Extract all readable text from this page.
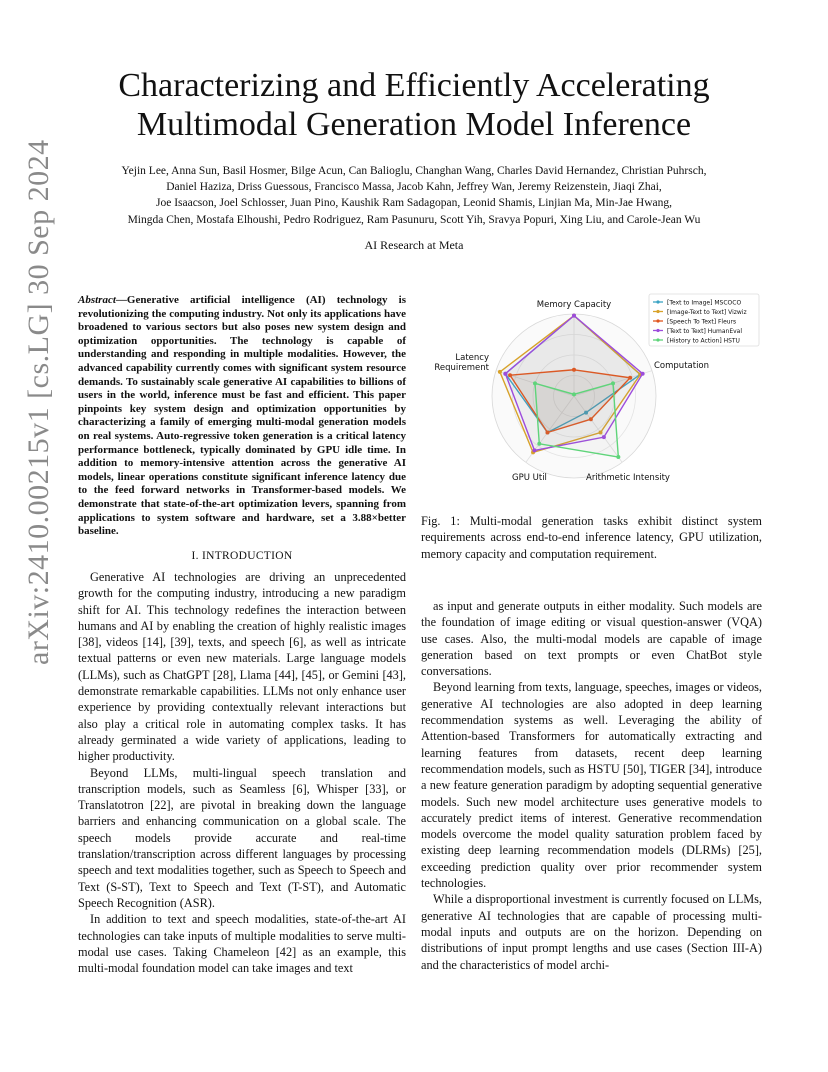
arXiv:2410.00215v1 [cs.LG] 30 Sep 2024
Characterizing and Efficiently Accelerating
Multimodal Generation Model Inference
Yejin Lee, Anna Sun, Basil Hosmer, Bilge Acun, Can Balioglu, Changhan Wang, Charles David Hernandez, Christian Puhrsch,
Daniel Haziza, Driss Guessous, Francisco Massa, Jacob Kahn, Jeffrey Wan, Jeremy Reizenstein, Jiaqi Zhai,
Joe Isaacson, Joel Schlosser, Juan Pino, Kaushik Ram Sadagopan, Leonid Shamis, Linjian Ma, Min-Jae Hwang,
Mingda Chen, Mostafa Elhoushi, Pedro Rodriguez, Ram Pasunuru, Scott Yih, Sravya Popuri, Xing Liu, and Carole-Jean Wu
AI Research at Meta
Abstract—Generative artificial intelligence (AI) technology is revolutionizing the computing industry. Not only its applications have broadened to various sectors but also poses new system design and optimization opportunities. The technology is capable of understanding and responding in multiple modalities. However, the advanced capability currently comes with significant system resource demands. To sustainably scale generative AI capabilities to billions of users in the world, inference must be fast and efficient. This paper pinpoints key system design and optimization opportunities by characterizing a family of emerging multi-modal generation models on real systems. Auto-regressive token generation is a critical latency performance bottleneck, typically dominated by GPU idle time. In addition to memory-intensive attention across the generative AI models, linear operations constitute significant inference latency due to the feed forward networks in Transformer-based models. We demonstrate that state-of-the-art optimization levers, spanning from applications to system software and hardware, set a 3.88×better baseline.
I. INTRODUCTION

Generative AI technologies are driving an unprecedented growth for the computing industry, introducing a new paradigm shift for AI. This technology redefines the interaction between humans and AI by enabling the creation of highly realistic images [38], videos [14], [39], texts, and speech [6], as well as intricate textual patterns or even new materials. Large language models (LLMs), such as ChatGPT [28], Llama [44], [45], or Gemini [43], demonstrate remarkable capabilities. LLMs not only enhance user experience by providing contextually relevant interactions but also play a critical role in automating complex tasks. It has already germinated a wide variety of applications, leading to higher productivity.

Beyond LLMs, multi-lingual speech translation and transcription models, such as Seamless [6], Whisper [33], or Translatotron [22], are pivotal in breaking down the language barriers and enhancing communication on a global scale. The speech models provide accurate and real-time translation/transcription across different languages by processing speech and text modalities together, such as Speech to Speech and Text (S-ST), Text to Speech and Text (T-ST), and Automatic Speech Recognition (ASR).

In addition to text and speech modalities, state-of-the-art AI technologies can take inputs of multiple modalities to serve multi-modal use cases. Taking Chameleon [42] as an example, this multi-modal foundation model can take images and text

Memory Capacity
Computation
Arithmetic Intensity
GPU Util
Latency
Requirement
[Text to Image] MSCOCO
[Image-Text to Text] Vizwiz
[Speech To Text] Fleurs
[Text to Text] HumanEval
[History to Action] HSTU
Fig. 1: Multi-modal generation tasks exhibit distinct system requirements across end-to-end inference latency, GPU utilization, memory capacity and computation requirement.

as input and generate outputs in either modality. Such models are the foundation of image editing or visual question-answer (VQA) use cases. Also, the multi-modal models are capable of image generation based on text prompts or even ChatBot style conversations.

Beyond learning from texts, language, speeches, images or videos, generative AI technologies are also adopted in deep learning recommendation systems as well. Leveraging the ability of Attention-based Transformers for automatically extracting and learning features from datasets, recent deep learning recommendation models, such as HSTU [50], TIGER [34], introduce a new feature generation paradigm by adopting sequential generative models. Such new model architecture uses generative models to accurately predict items of interest. Generative recommendation models overcome the model quality saturation problem faced by existing deep learning recommendation models (DLRMs) [25], exceeding prediction quality over prior recommender system technologies.

While a disproportional investment is currently focused on LLMs, generative AI technologies that are capable of processing multi-modal inputs and outputs are on the horizon. Depending on distributions of input prompt lengths and use cases (Section III-A) and the characteristics of model archi-
